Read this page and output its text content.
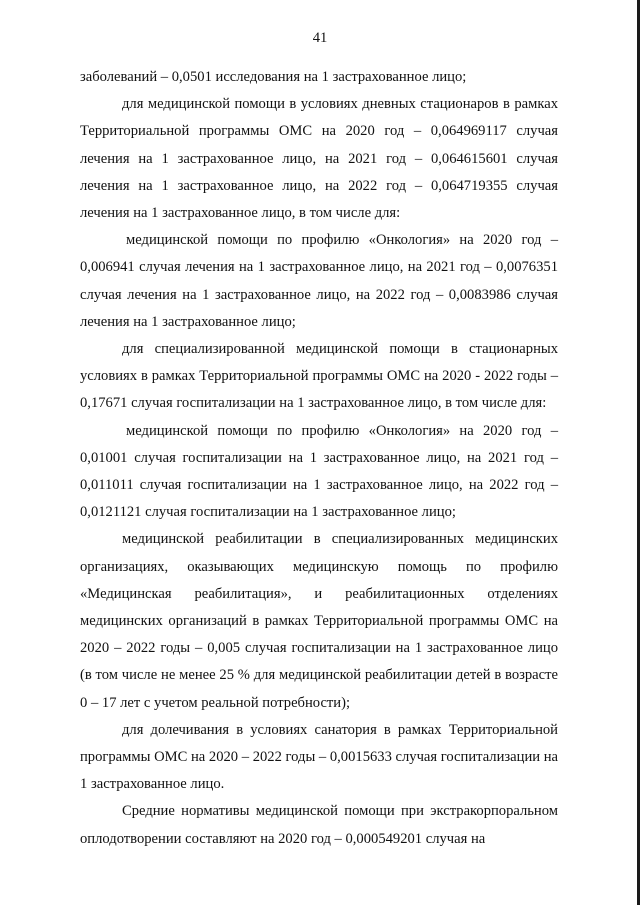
41

заболеваний – 0,0501 исследования на 1 застрахованное лицо;

для медицинской помощи в условиях дневных стационаров в рамках Территориальной программы ОМС на 2020 год – 0,064969117 случая лечения на 1 застрахованное лицо, на 2021 год – 0,064615601 случая лечения на 1 застрахованное лицо, на 2022 год – 0,064719355 случая лечения на 1 застрахованное лицо, в том числе для:

медицинской помощи по профилю «Онкология» на 2020 год – 0,006941 случая лечения на 1 застрахованное лицо, на 2021 год – 0,0076351 случая лечения на 1 застрахованное лицо, на 2022 год – 0,0083986 случая лечения на 1 застрахованное лицо;

для специализированной медицинской помощи в стационарных условиях в рамках Территориальной программы ОМС на 2020 - 2022 годы – 0,17671 случая госпитализации на 1 застрахованное лицо, в том числе для:

медицинской помощи по профилю «Онкология» на 2020 год – 0,01001 случая госпитализации на 1 застрахованное лицо, на 2021 год – 0,011011 случая госпитализации на 1 застрахованное лицо, на 2022 год – 0,0121121 случая госпитализации на 1 застрахованное лицо;

медицинской реабилитации в специализированных медицинских организациях, оказывающих медицинскую помощь по профилю «Медицинская реабилитация», и реабилитационных отделениях медицинских организаций в рамках Территориальной программы ОМС на 2020 – 2022 годы – 0,005 случая госпитализации на 1 застрахованное лицо (в том числе не менее 25 % для медицинской реабилитации детей в возрасте 0 – 17 лет с учетом реальной потребности);

для долечивания в условиях санатория в рамках Территориальной программы ОМС на 2020 – 2022 годы – 0,0015633 случая госпитализации на 1 застрахованное лицо.

Средние нормативы медицинской помощи при экстракорпоральном оплодотворении составляют на 2020 год – 0,000549201 случая на
